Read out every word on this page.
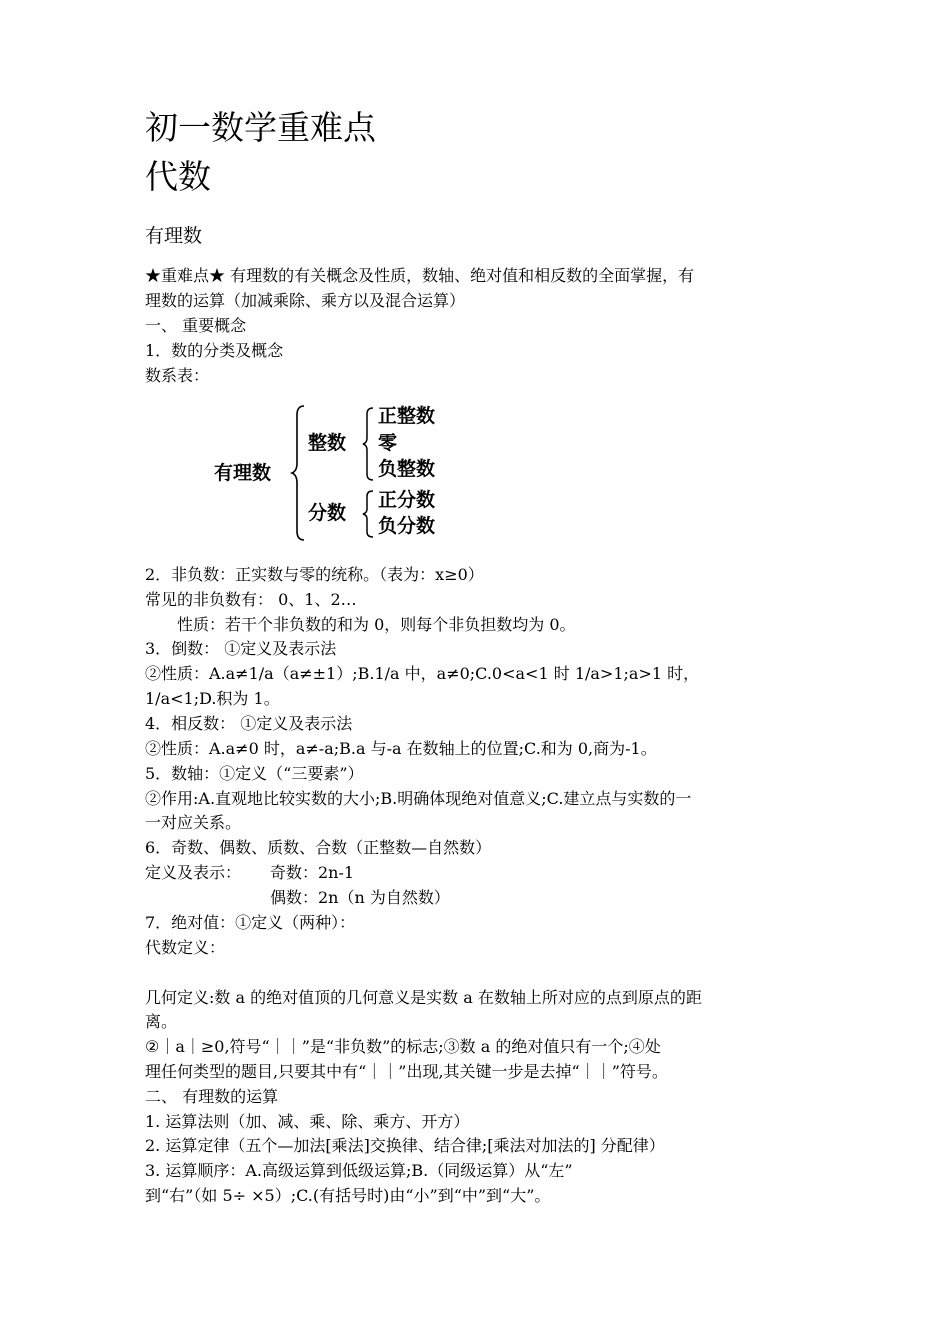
初一数学重难点
代数
有理数
★重难点★ 有理数的有关概念及性质，数轴、绝对值和相反数的全面掌握，有
理数的运算（加减乘除、乘方以及混合运算）
一、 重要概念
1．数的分类及概念
数系表：
有理数
整数
正整数
零
负整数
分数
正分数
负分数
2．非负数：正实数与零的统称。（表为：x≥0）
常见的非负数有： 0、1、2…
性质：若干个非负数的和为 0，则每个非负担数均为 0。
3．倒数： ①定义及表示法
②性质：A.a≠1/a（a≠±1）;B.1/a 中，a≠0;C.0<a<1 时 1/a>1;a>1 时，
1/a<1;D.积为 1。
4．相反数： ①定义及表示法
②性质：A.a≠0 时，a≠-a;B.a 与-a 在数轴上的位置;C.和为 0,商为-1。
5．数轴：①定义（“三要素”）
②作用:A.直观地比较实数的大小;B.明确体现绝对值意义;C.建立点与实数的一
一对应关系。
6．奇数、偶数、质数、合数（正整数—自然数）
定义及表示： 奇数：2n-1
偶数：2n（n 为自然数）
7．绝对值：①定义（两种）：
代数定义：
几何定义:数 a 的绝对值顶的几何意义是实数 a 在数轴上所对应的点到原点的距
离。
②｜a｜≥0,符号“｜｜”是“非负数”的标志;③数 a 的绝对值只有一个;④处
理任何类型的题目,只要其中有“｜｜”出现,其关键一步是去掉“｜｜”符号。
二、 有理数的运算
1. 运算法则（加、减、乘、除、乘方、开方）
2. 运算定律（五个—加法[乘法]交换律、结合律;[乘法对加法的] 分配律）
3. 运算顺序：A.高级运算到低级运算;B.（同级运算）从“左”
到“右”（如 5÷ ×5）;C.(有括号时)由“小”到“中”到“大”。
